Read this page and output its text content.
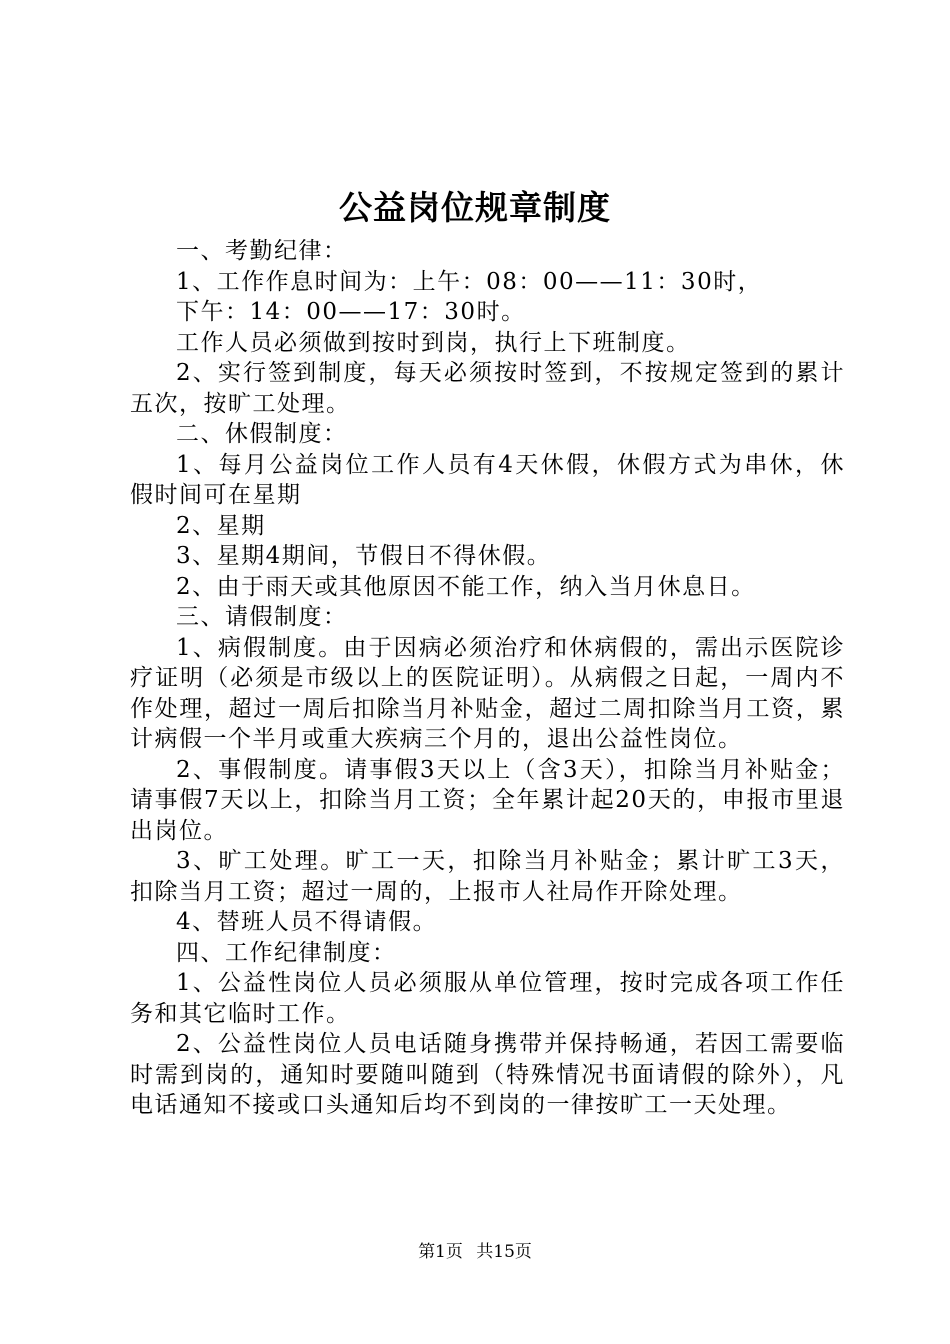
公益岗位规章制度

一、考勤纪律：

1、工作作息时间为：上午：08：00——11：30时，

下午：14：00——17：30时。

工作人员必须做到按时到岗，执行上下班制度。

2、实行签到制度，每天必须按时签到，不按规定签到的累计五次，按旷工处理。

二、休假制度：

1、每月公益岗位工作人员有4天休假，休假方式为串休，休假时间可在星期

2、星期

3、星期4期间，节假日不得休假。

2、由于雨天或其他原因不能工作，纳入当月休息日。

三、请假制度：

1、病假制度。由于因病必须治疗和休病假的，需出示医院诊疗证明（必须是市级以上的医院证明）。从病假之日起，一周内不作处理，超过一周后扣除当月补贴金，超过二周扣除当月工资，累计病假一个半月或重大疾病三个月的，退出公益性岗位。

2、事假制度。请事假3天以上（含3天），扣除当月补贴金；请事假7天以上，扣除当月工资；全年累计起20天的，申报市里退出岗位。

3、旷工处理。旷工一天，扣除当月补贴金；累计旷工3天，扣除当月工资；超过一周的，上报市人社局作开除处理。

4、替班人员不得请假。

四、工作纪律制度：

1、公益性岗位人员必须服从单位管理，按时完成各项工作任务和其它临时工作。

2、公益性岗位人员电话随身携带并保持畅通，若因工需要临时需到岗的，通知时要随叫随到（特殊情况书面请假的除外），凡电话通知不接或口头通知后均不到岗的一律按旷工一天处理。

第1页 共15页
